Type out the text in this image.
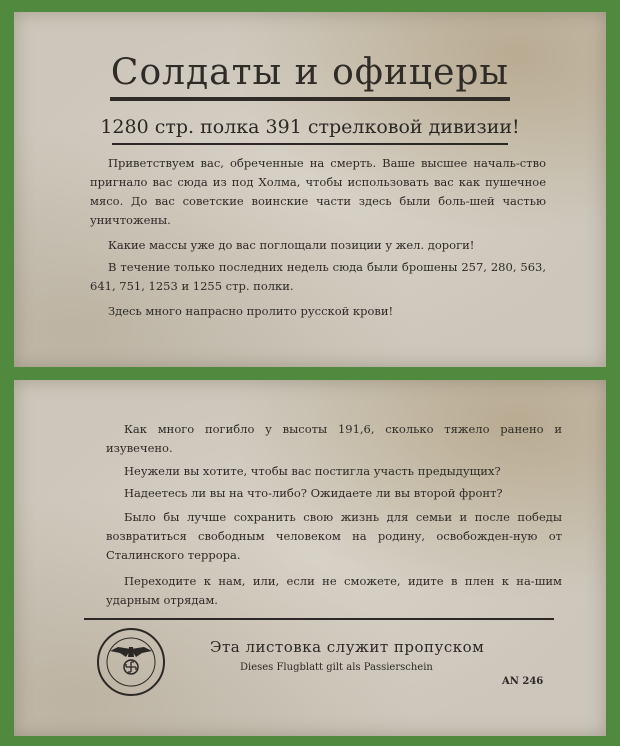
Солдаты и офицеры
1280 стр. полка 391 стрелковой дивизии!

Приветствуем вас, обреченные на смерть. Ваше высшее началь-ство пригнало вас сюда из под Холма, чтобы использовать вас как пушечное мясо. До вас советские воинские части здесь были боль-шей частью уничтожены.

Какие массы уже до вас поглощали позиции у жел. дороги!

В течение только последних недель сюда были брошены 257, 280, 563, 641, 751, 1253 и 1255 стр. полки.

Здесь много напрасно пролито русской крови!

Как много погибло у высоты 191,6, сколько тяжело ранено и изувечено.

Неужели вы хотите, чтобы вас постигла участь предыдущих?

Надеетесь ли вы на что-либо? Ожидаете ли вы второй фронт?

Было бы лучше сохранить свою жизнь для семьи и после победы возвратиться свободным человеком на родину, освобожден-ную от Сталинского террора.

Переходите к нам, или, если не сможете, идите в плен к на-шим ударным отрядам.

Эта листовка служит пропуском
Dieses Flugblatt gilt als Passierschein
AN 246
